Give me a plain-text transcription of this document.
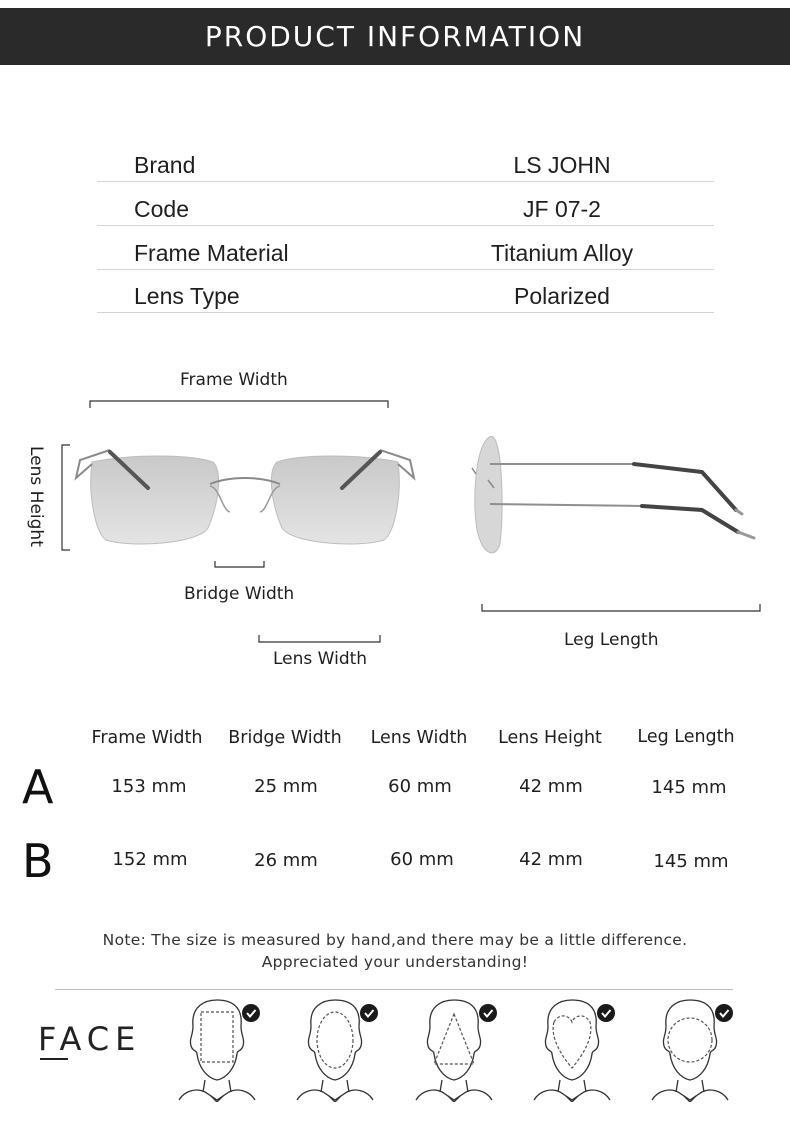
PRODUCT INFORMATION
Brand	LS JOHN
Code	JF 07-2
Frame Material	Titanium Alloy
Lens Type	Polarized
Frame Width
Lens Height
Bridge Width
Lens Width
Leg Length
Frame Width	Bridge Width	Lens Width	Lens Height	Leg Length
A	153 mm	25 mm	60 mm	42 mm	145 mm
B	152 mm	26 mm	60 mm	42 mm	145 mm
Note: The size is measured by hand,and there may be a little difference.
Appreciated your understanding!
FACE
